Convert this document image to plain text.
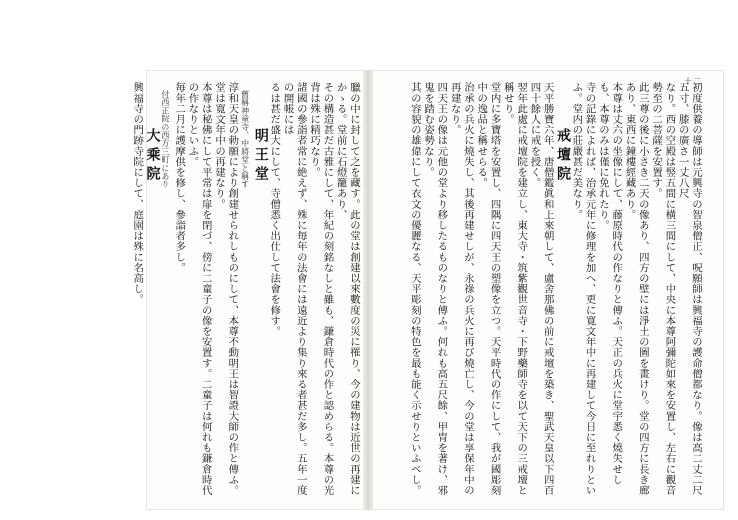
臘の中に封して之を藏す。此の堂は創建以來數度の災に罹り、今の建物は近世の再建にかゝる。堂前に石燈籠あり、

その構造甚だ古雅にして、年紀の刻銘なしと雖も、鎌倉時代の作と認めらる。本尊の光背は殊に精巧なり。

諸國の參詣者常に絶えず、殊に毎年の法會には遠近より集り來る者甚だ多し。五年一度の開帳には

るは甚だ盛大にして、寺僧悉く出仕して法會を修す。

明王堂
舊稱神童寺、中將堂と稱す

淳和天皇の勅願により創建せられしものにして、本尊不動明王は智證大師の作と傳ふ。堂は寛文年中の再建なり。

本尊は秘佛にして平常は扉を閉づ、傍に二童子の像を安置す。二童子は何れも鎌倉時代の作なりといふ。

毎年二月に護摩供を修し、參詣者多し。

付西正院の西方三町にあり
大乘院

興福寺の門跡寺院にして、庭園は殊に名高し。

十二

初度供養の導師は元興寺の智泉僧正、呪願師は興福寺の護命僧都なり。像は高二丈二尺五寸、膝の廣さ一丈八尺

なり。西の空殿は竪五間に横三間にして、中央に本尊阿彌陀如來を安置し、左右に觀音勢至の二菩薩を安置す。

此三尊の後に小さき二天の像あり、四方の壁には淨土の圖を畫けり。堂の四方に長き廊あり、東西に鐘樓經藏あり。

本尊は丈六の坐像にして、藤原時代の作なりと傳ふ。天正の兵火に堂宇悉く燒失せしも、本尊のみは僅に免れたり。

寺の記錄によれば、治承元年に修理を加へ、更に寛文年中に再建して今日に至れりといふ。堂内の莊嚴甚だ美なり。

戒壇院

天平勝寶六年、唐僧鑑眞和上來朝して、盧舍那佛の前に戒壇を築き、聖武天皇以下四百四十餘人に戒を授く。

翌年此處に戒壇院を建立し、東大寺・筑紫觀世音寺・下野藥師寺を以て天下の三戒壇と稱せり。

堂内に多寶塔を安置し、四隅に四天王の塑像を立つ。天平時代の作にして、我が國彫刻中の逸品と稱せらる。

治承の兵火に燒失し、其後再建せしが、永祿の兵火に再び燒亡し、今の堂は享保年中の再建なり。

四天王の像は元他の堂より移したるものなりと傳ふ。何れも高五尺餘、甲冑を著け、邪鬼を踏む姿勢なり。

其の容貌の雄偉にして衣文の優麗なる、天平彫刻の特色を最も能く示せりといふべし。
